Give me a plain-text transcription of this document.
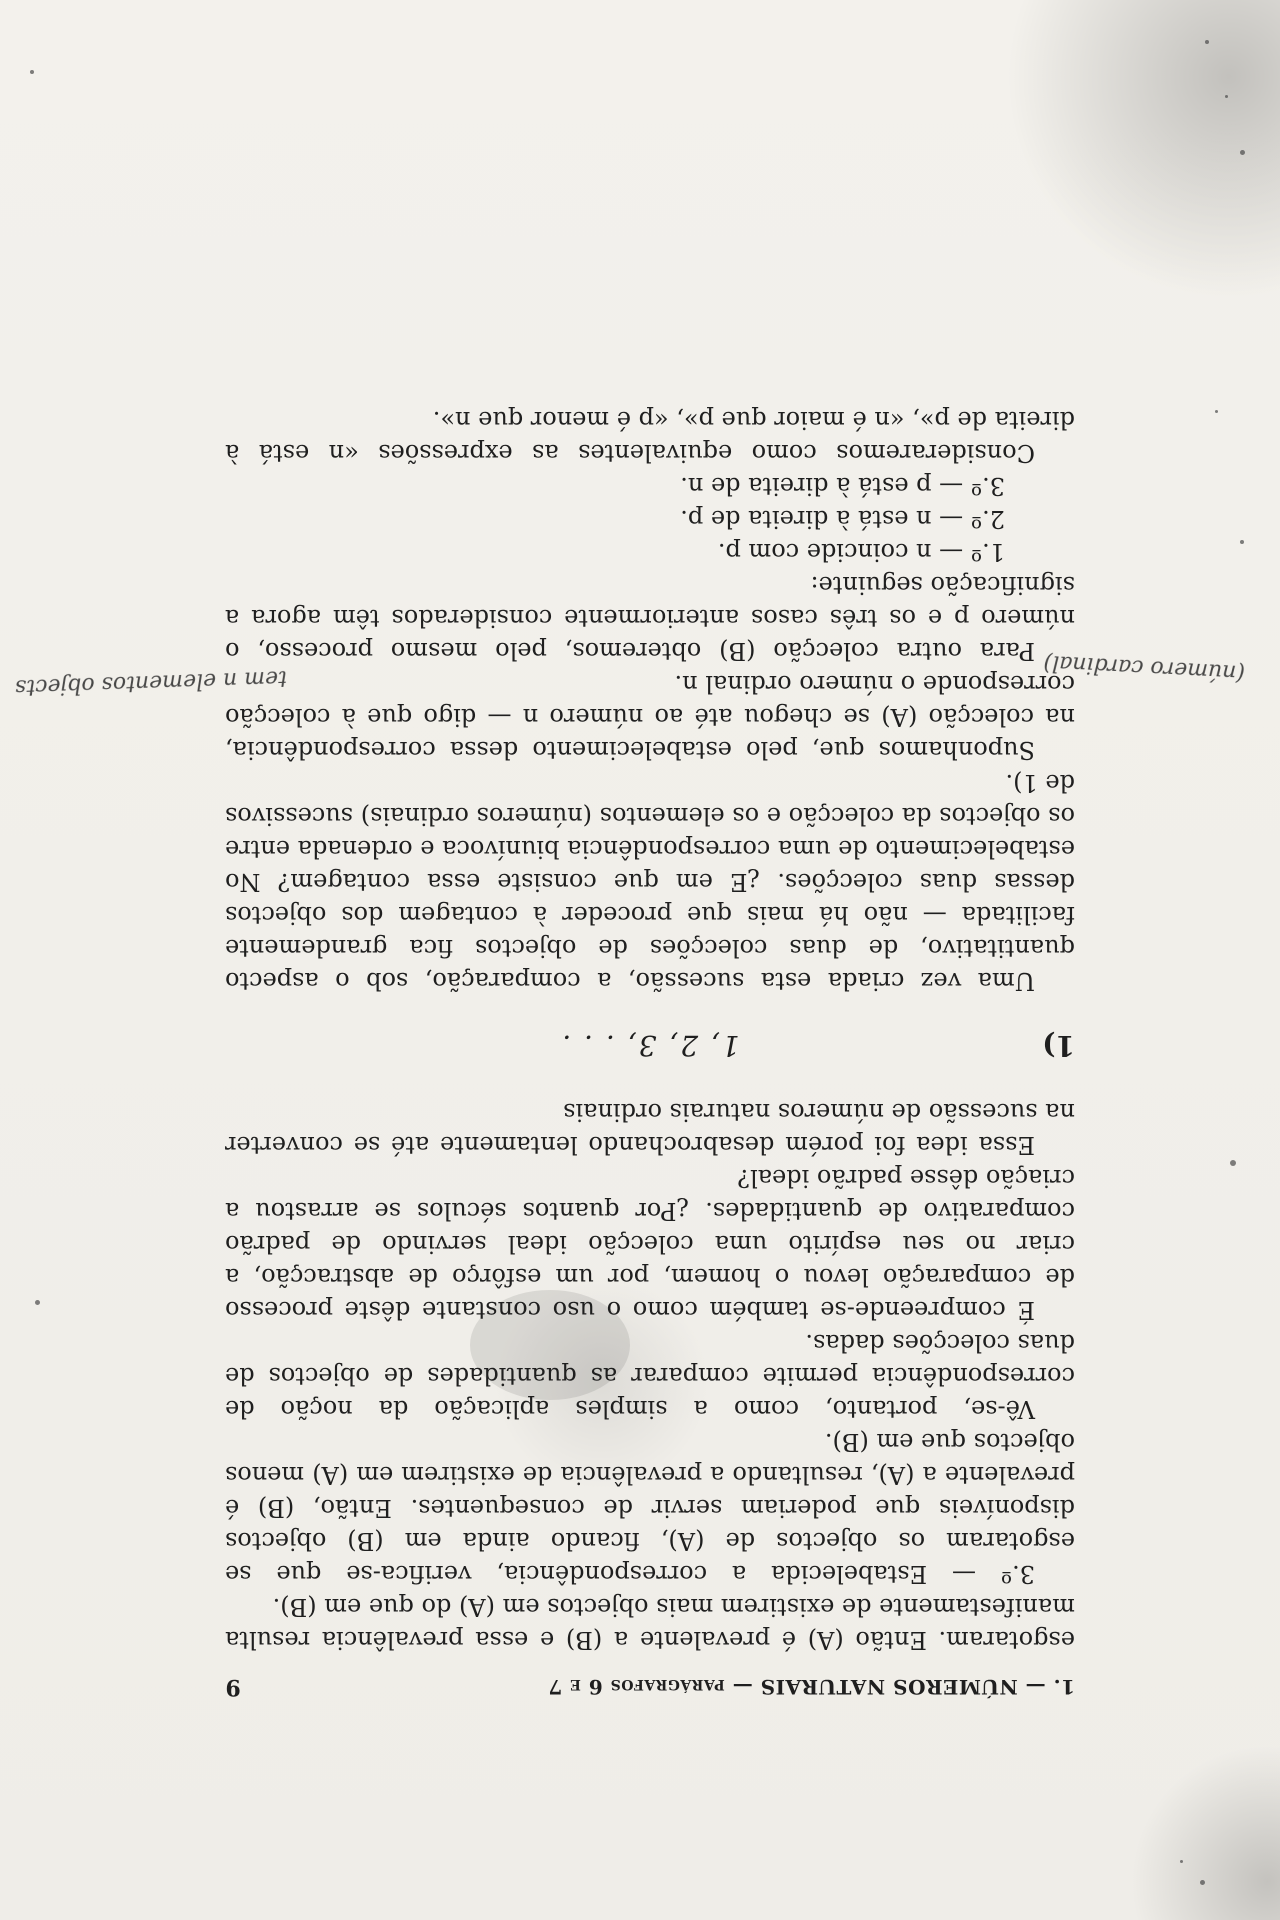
1. — NÚMEROS NATURAIS — parágrafos 6 e 7
9

esgotaram. Então (A) é prevalente a (B) e essa prevalência resulta manifestamente de existirem mais objectos em (A) do que em (B).

3.º — Estabelecida a correspondência, verifica-se que se esgotaram os objectos de (A), ficando ainda em (B) objectos disponíveis que poderiam servir de consequentes. Então, (B) é prevalente a (A), resultando a prevalência de existirem em (A) menos objectos que em (B).

Vê-se, portanto, como a simples aplicação da noção de correspondência permite comparar as quantidades de objectos de duas colecções dadas.

É compreende-se também como o uso constante dêste processo de comparação levou o homem, por um esfôrço de abstracção, a criar no seu espírito uma colecção ideal servindo de padrão comparativo de quantidades. ¿Por quantos séculos se arrastou a criação dêsse padrão ideal?

Essa idea foi porém desabrochando lentamente até se converter na sucessão de números naturais ordinais

1)
1, 2, 3, . . .

Uma vez criada esta sucessão, a comparação, sob o aspecto quantitativo, de duas colecções de objectos fica grandemente facilitada — não há mais que proceder à contagem dos objectos dessas duas colecções. ¿E em que consiste essa contagem? No estabelecimento de uma correspondência biunívoca e ordenada entre os objectos da colecção e os elementos (números ordinais) sucessivos de 1).

Suponhamos que, pelo estabelecimento dessa correspondência, na colecção (A) se chegou até ao número n — digo que à colecção corresponde o número ordinal n.

Para outra colecção (B) obteremos, pelo mesmo processo, o número p e os três casos anteriormente considerados têm agora a significação seguinte:

1.º — n coincide com p.
2.º — n está à direita de p.
3.º — p está à direita de n.

Consideraremos como equivalentes as expressões «n está à direita de p», «n é maior que p», «p é menor que n».

tem n elementos objects	(número cardinal)
